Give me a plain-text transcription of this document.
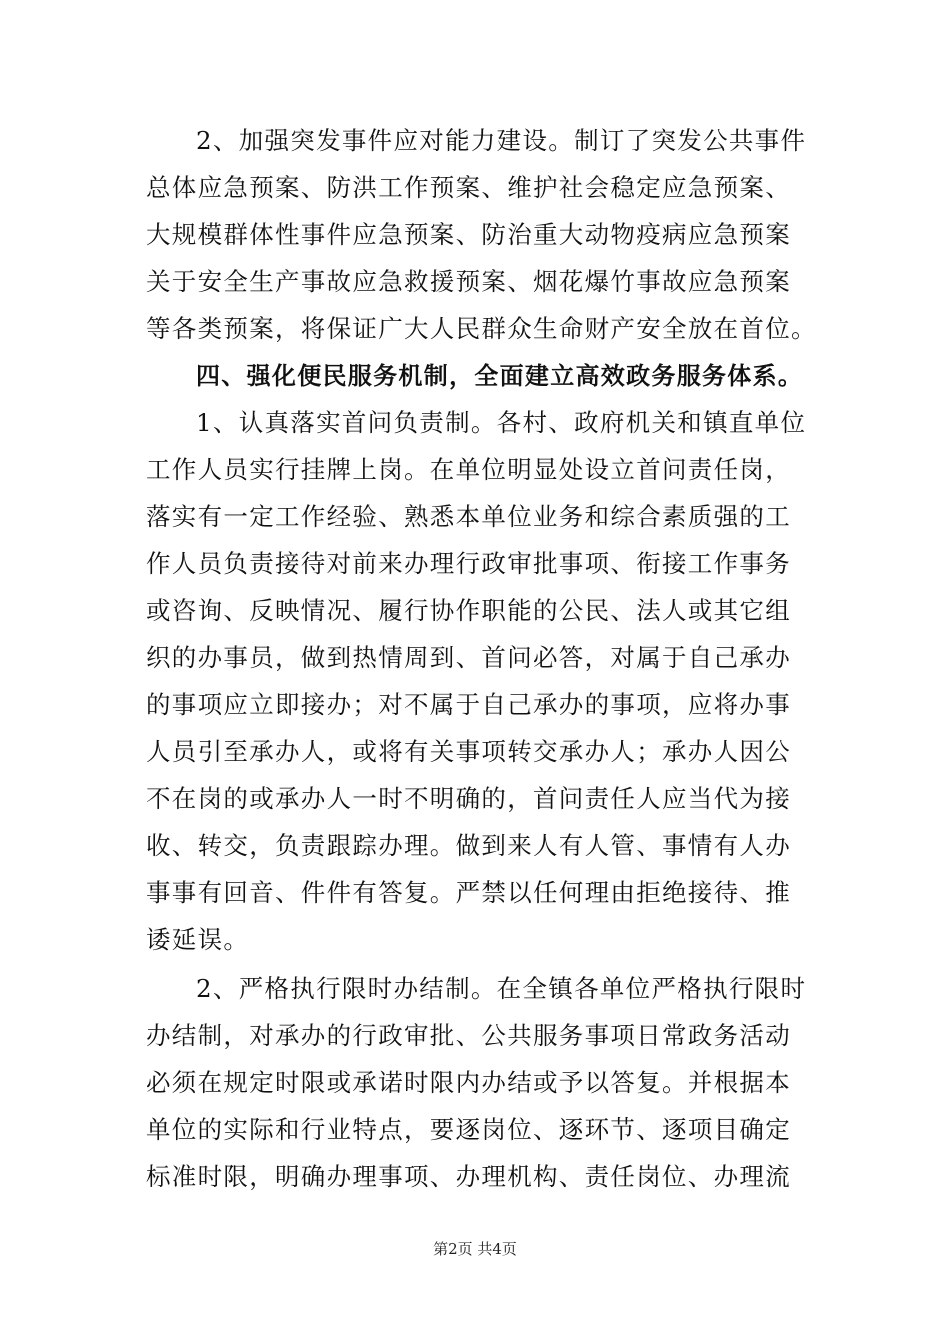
2、加强突发事件应对能力建设。制订了突发公共事件
总体应急预案、防洪工作预案、维护社会稳定应急预案、
大规模群体性事件应急预案、防治重大动物疫病应急预案
关于安全生产事故应急救援预案、烟花爆竹事故应急预案
等各类预案，将保证广大人民群众生命财产安全放在首位。
四、强化便民服务机制，全面建立高效政务服务体系。
1、认真落实首问负责制。各村、政府机关和镇直单位
工作人员实行挂牌上岗。在单位明显处设立首问责任岗，
落实有一定工作经验、熟悉本单位业务和综合素质强的工
作人员负责接待对前来办理行政审批事项、衔接工作事务
或咨询、反映情况、履行协作职能的公民、法人或其它组
织的办事员，做到热情周到、首问必答，对属于自己承办
的事项应立即接办；对不属于自己承办的事项，应将办事
人员引至承办人，或将有关事项转交承办人；承办人因公
不在岗的或承办人一时不明确的，首问责任人应当代为接
收、转交，负责跟踪办理。做到来人有人管、事情有人办
事事有回音、件件有答复。严禁以任何理由拒绝接待、推
诿延误。
2、严格执行限时办结制。在全镇各单位严格执行限时
办结制，对承办的行政审批、公共服务事项日常政务活动
必须在规定时限或承诺时限内办结或予以答复。并根据本
单位的实际和行业特点，要逐岗位、逐环节、逐项目确定
标准时限，明确办理事项、办理机构、责任岗位、办理流
第2页 共4页
